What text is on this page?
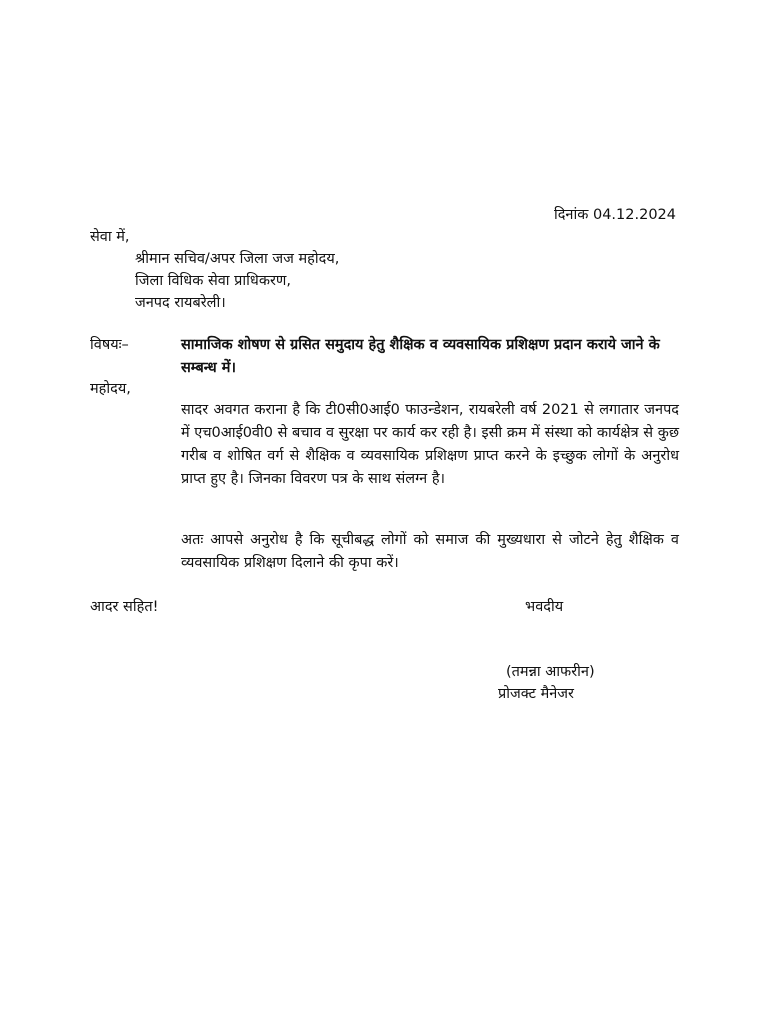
दिनांक 04.12.2024
सेवा में,
श्रीमान सचिव/अपर जिला जज महोदय,
जिला विधिक सेवा प्राधिकरण,
जनपद रायबरेली।
विषयः–	सामाजिक शोषण से ग्रसित समुदाय हेतु शैक्षिक व व्यवसायिक प्रशिक्षण प्रदान कराये जाने के सम्बन्ध में।
महोदय,
सादर अवगत कराना है कि टी0सी0आई0 फाउन्डेशन, रायबरेली वर्ष 2021 से लगातार जनपद में एच0आई0वी0 से बचाव व सुरक्षा पर कार्य कर रही है। इसी क्रम में संस्था को कार्यक्षेत्र से कुछ गरीब व शोषित वर्ग से शैक्षिक व व्यवसायिक प्रशिक्षण प्राप्त करने के इच्छुक लोगों के अनुरोध प्राप्त हुए है। जिनका विवरण पत्र के साथ संलग्न है।
अतः आपसे अनुरोध है कि सूचीबद्ध लोगों को समाज की मुख्यधारा से जोटने हेतु शैक्षिक व व्यवसायिक प्रशिक्षण दिलाने की कृपा करें।
आदर सहित!	भवदीय
(तमन्ना आफरीन)
प्रोजक्ट मैनेजर
